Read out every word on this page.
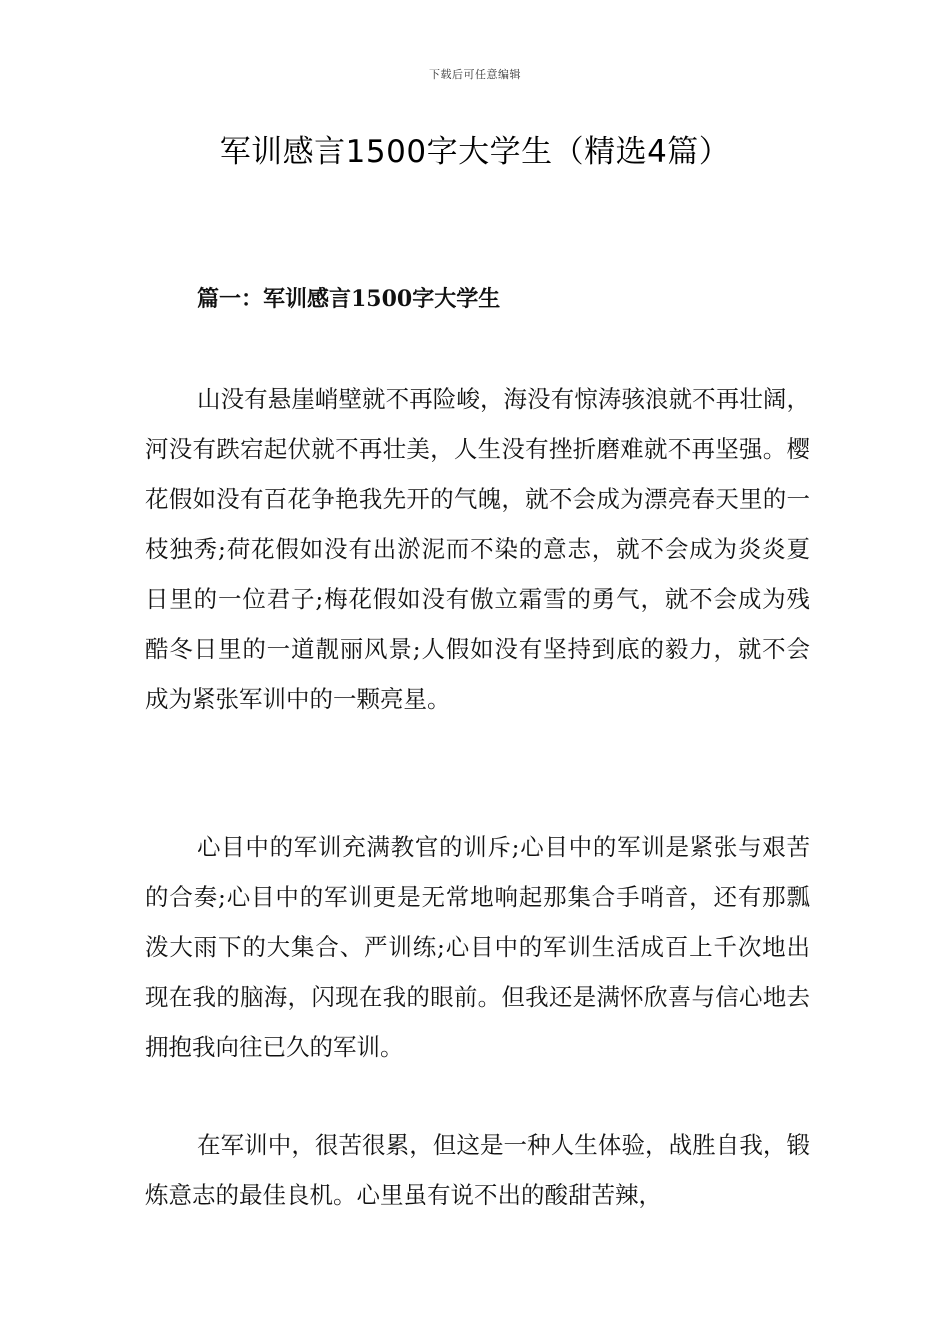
下载后可任意编辑
军训感言1500字大学生（精选4篇）
篇一：军训感言1500字大学生

山没有悬崖峭壁就不再险峻，海没有惊涛骇浪就不再壮阔，河没有跌宕起伏就不再壮美，人生没有挫折磨难就不再坚强。樱花假如没有百花争艳我先开的气魄，就不会成为漂亮春天里的一枝独秀;荷花假如没有出淤泥而不染的意志，就不会成为炎炎夏日里的一位君子;梅花假如没有傲立霜雪的勇气，就不会成为残酷冬日里的一道靓丽风景;人假如没有坚持到底的毅力，就不会成为紧张军训中的一颗亮星。

心目中的军训充满教官的训斥;心目中的军训是紧张与艰苦的合奏;心目中的军训更是无常地响起那集合手哨音，还有那瓢泼大雨下的大集合、严训练;心目中的军训生活成百上千次地出现在我的脑海，闪现在我的眼前。但我还是满怀欣喜与信心地去拥抱我向往已久的军训。

在军训中，很苦很累，但这是一种人生体验，战胜自我，锻炼意志的最佳良机。心里虽有说不出的酸甜苦辣，
